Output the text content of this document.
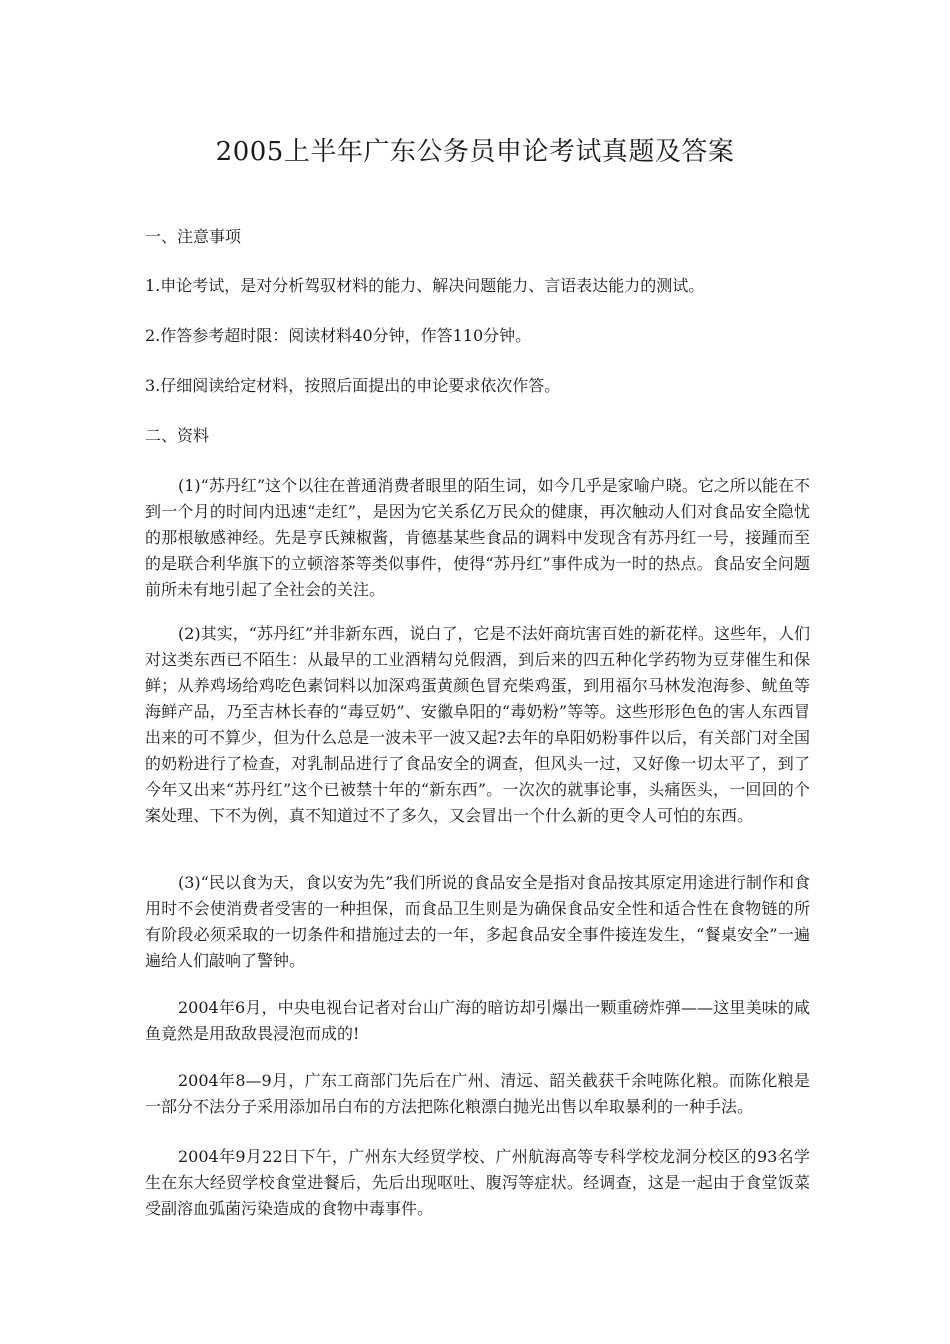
2005上半年广东公务员申论考试真题及答案

一、注意事项

1.申论考试，是对分析驾驭材料的能力、解决问题能力、言语表达能力的测试。

2.作答参考超时限：阅读材料40分钟，作答110分钟。

3.仔细阅读给定材料，按照后面提出的申论要求依次作答。

二、资料

(1)“苏丹红”这个以往在普通消费者眼里的陌生词，如今几乎是家喻户晓。它之所以能在不到一个月的时间内迅速“走红”，是因为它关系亿万民众的健康，再次触动人们对食品安全隐忧的那根敏感神经。先是亨氏辣椒酱，肯德基某些食品的调料中发现含有苏丹红一号，接踵而至的是联合利华旗下的立顿溶茶等类似事件，使得“苏丹红”事件成为一时的热点。食品安全问题前所未有地引起了全社会的关注。

(2)其实，“苏丹红”并非新东西，说白了，它是不法奸商坑害百姓的新花样。这些年，人们对这类东西已不陌生：从最早的工业酒精勾兑假酒，到后来的四五种化学药物为豆芽催生和保鲜；从养鸡场给鸡吃色素饲料以加深鸡蛋黄颜色冒充柴鸡蛋，到用福尔马林发泡海参、鱿鱼等海鲜产品，乃至吉林长春的“毒豆奶”、安徽阜阳的“毒奶粉”等等。这些形形色色的害人东西冒出来的可不算少，但为什么总是一波未平一波又起?去年的阜阳奶粉事件以后，有关部门对全国的奶粉进行了检查，对乳制品进行了食品安全的调查，但风头一过，又好像一切太平了，到了今年又出来“苏丹红”这个已被禁十年的“新东西”。一次次的就事论事，头痛医头，一回回的个案处理、下不为例，真不知道过不了多久，又会冒出一个什么新的更令人可怕的东西。

(3)“民以食为天，食以安为先”我们所说的食品安全是指对食品按其原定用途进行制作和食用时不会使消费者受害的一种担保，而食品卫生则是为确保食品安全性和适合性在食物链的所有阶段必须采取的一切条件和措施过去的一年，多起食品安全事件接连发生，“餐桌安全”一遍遍给人们敲响了警钟。

2004年6月，中央电视台记者对台山广海的暗访却引爆出一颗重磅炸弹——这里美味的咸鱼竟然是用敌敌畏浸泡而成的!

2004年8—9月，广东工商部门先后在广州、清远、韶关截获千余吨陈化粮。而陈化粮是一部分不法分子采用添加吊白布的方法把陈化粮漂白抛光出售以牟取暴利的一种手法。

2004年9月22日下午，广州东大经贸学校、广州航海高等专科学校龙洞分校区的93名学生在东大经贸学校食堂进餐后，先后出现呕吐、腹泻等症状。经调查，这是一起由于食堂饭菜受副溶血弧菌污染造成的食物中毒事件。
